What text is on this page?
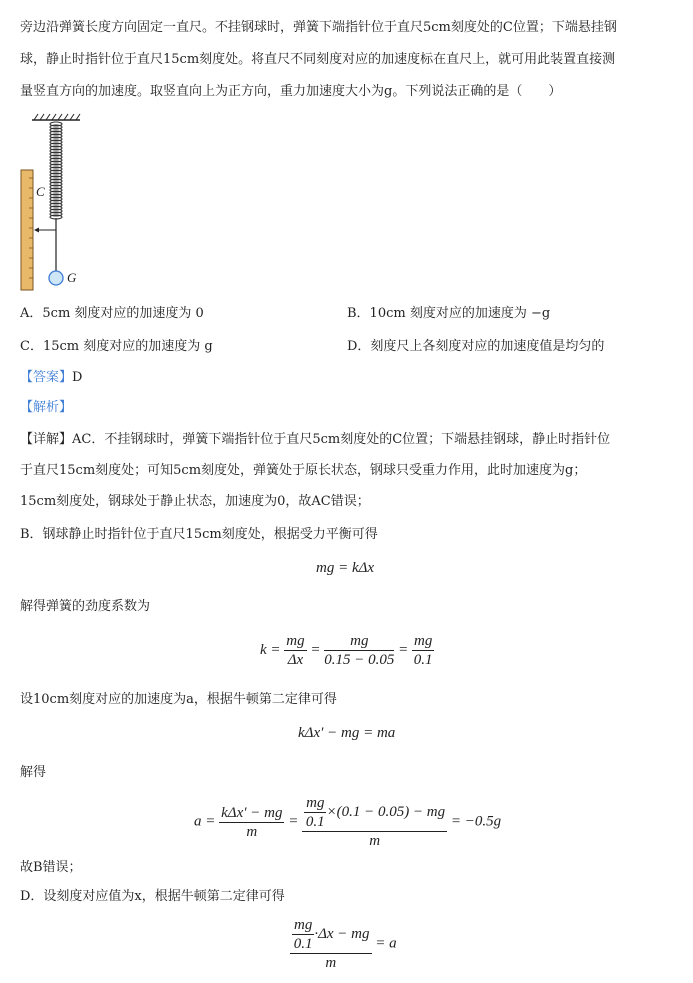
旁边沿弹簧长度方向固定一直尺。不挂钢球时，弹簧下端指针位于直尺5cm刻度处的C位置；下端悬挂钢
球，静止时指针位于直尺15cm刻度处。将直尺不同刻度对应的加速度标在直尺上，就可用此装置直接测
量竖直方向的加速度。取竖直向上为正方向，重力加速度大小为g。下列说法正确的是（　　）
C
G
A．5cm 刻度对应的加速度为 0	B．10cm 刻度对应的加速度为 −g
C．15cm 刻度对应的加速度为 g	D．刻度尺上各刻度对应的加速度值是均匀的
【答案】D
【解析】
【详解】AC．不挂钢球时，弹簧下端指针位于直尺5cm刻度处的C位置；下端悬挂钢球，静止时指针位
于直尺15cm刻度处；可知5cm刻度处，弹簧处于原长状态，钢球只受重力作用，此时加速度为g；
15cm刻度处，钢球处于静止状态，加速度为0，故AC错误；
B．钢球静止时指针位于直尺15cm刻度处，根据受力平衡可得
mg = kΔx
解得弹簧的劲度系数为
$k = \frac{mg}{\Delta x} = \frac{mg}{0.15 - 0.05} = \frac{mg}{0.1}$
设10cm刻度对应的加速度为a，根据牛顿第二定律可得
kΔx′ − mg = ma
解得
$a = \frac{\text{kΔx′ − mg}}{m} = \frac{\frac{mg}{0.1} \times(0.1 - 0.05) - mg}{m} = -0.5g$
故B错误；
D．设刻度对应值为x，根据牛顿第二定律可得
$\frac{\frac{mg}{0.1} \cdot\Delta x - mg}{m} = a$
